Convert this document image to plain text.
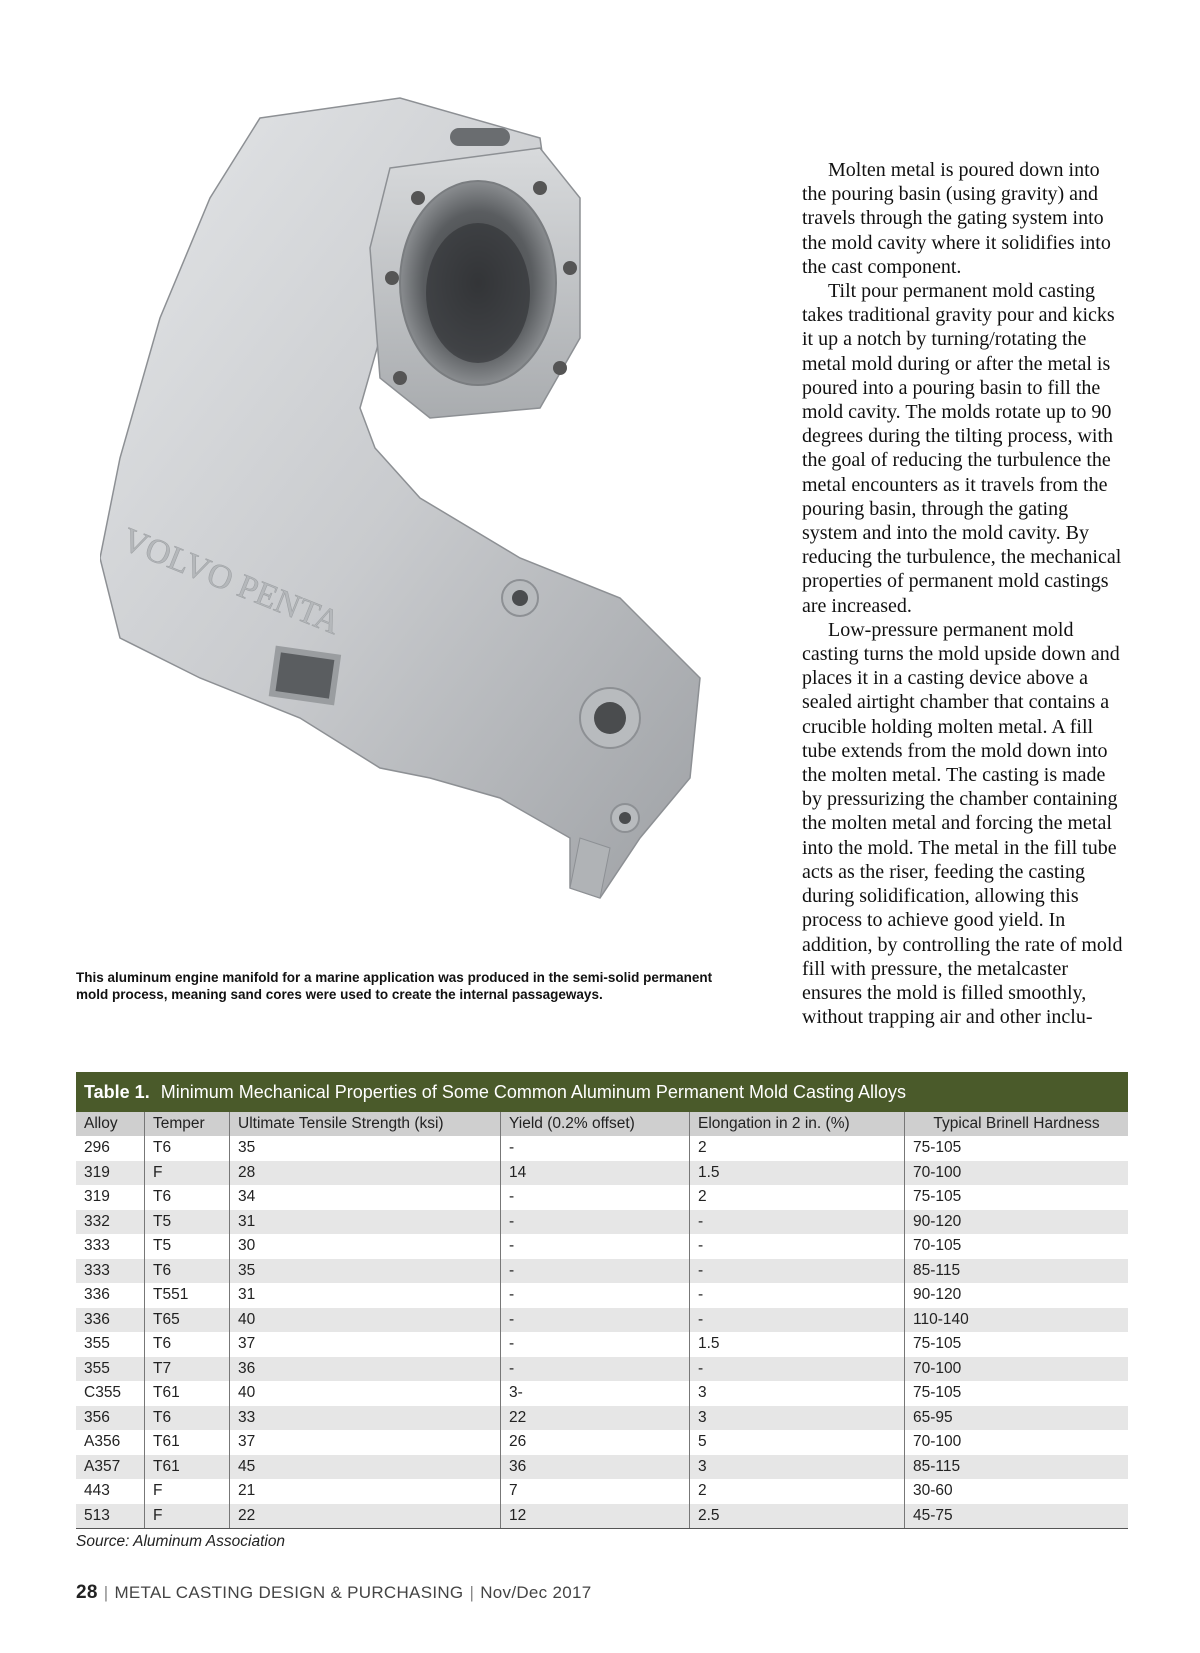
VOLVO PENTA
This aluminum engine manifold for a marine application was produced in the semi-solid permanent mold process, meaning sand cores were used to create the internal passageways.

Molten metal is poured down into the pouring basin (using gravity) and travels through the gating system into the mold cavity where it solidifies into the cast component.

Tilt pour permanent mold casting takes traditional gravity pour and kicks it up a notch by turning/rotating the metal mold during or after the metal is poured into a pouring basin to fill the mold cavity. The molds rotate up to 90 degrees during the tilting process, with the goal of reducing the turbulence the metal encounters as it travels from the pouring basin, through the gating system and into the mold cavity. By reducing the turbulence, the mechanical properties of permanent mold castings are increased.

Low-pressure permanent mold casting turns the mold upside down and places it in a casting device above a sealed airtight chamber that contains a crucible holding molten metal. A fill tube extends from the mold down into the molten metal. The casting is made by pressurizing the chamber containing the molten metal and forcing the metal into the mold. The metal in the fill tube acts as the riser, feeding the casting during solidification, allowing this process to achieve good yield. In addition, by controlling the rate of mold fill with pressure, the metalcaster ensures the mold is filled smoothly, without trapping air and other inclu-

Table 1. Minimum Mechanical Properties of Some Common Aluminum Permanent Mold Casting Alloys
Alloy	Temper	Ultimate Tensile Strength (ksi)	Yield (0.2% offset)	Elongation in 2 in. (%)	Typical Brinell Hardness
296	T6	35	-	2	75-105
319	F	28	14	1.5	70-100
319	T6	34	-	2	75-105
332	T5	31	-	-	90-120
333	T5	30	-	-	70-105
333	T6	35	-	-	85-115
336	T551	31	-	-	90-120
336	T65	40	-	-	110-140
355	T6	37	-	1.5	75-105
355	T7	36	-	-	70-100
C355	T61	40	3-	3	75-105
356	T6	33	22	3	65-95
A356	T61	37	26	5	70-100
A357	T61	45	36	3	85-115
443	F	21	7	2	30-60
513	F	22	12	2.5	45-75
Source: Aluminum Association
28 | METAL CASTING DESIGN & PURCHASING | Nov/Dec 2017
